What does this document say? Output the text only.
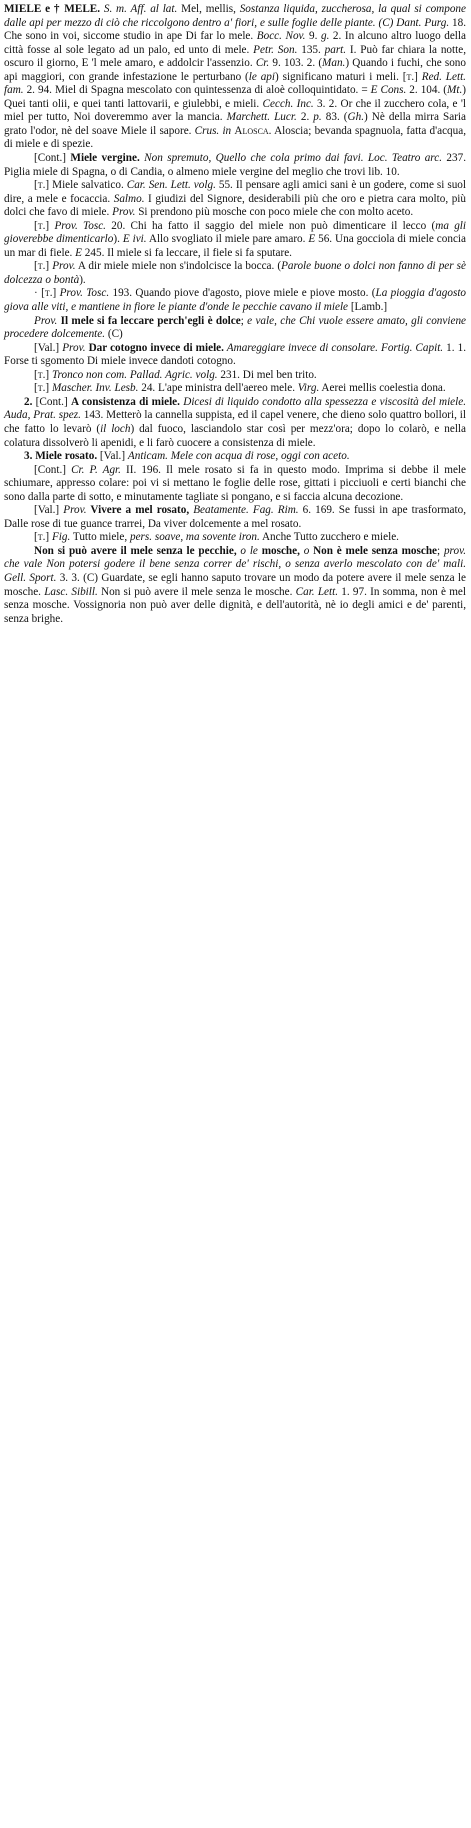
MIELE e † MELE. S. m. Aff. al lat. Mel, mellis, Sostanza liquida, zuccherosa, la qual si compone dalle api per mezzo di ciò che riccolgono dentro a' fiori, e sulle foglie delle piante. (C) Dant. Purg. 18. Che sono in voi, siccome studio in ape Di far lo mele. Bocc. Nov. 9. g. 2. In alcuno altro luogo della città fosse al sole legato ad un palo, ed unto di mele. Petr. Son. 135. part. I. Può far chiara la notte, oscuro il giorno, E 'l mele amaro, e addolcir l'assenzio. Cr. 9. 103. 2. (Man.) Quando i fuchi, che sono api maggiori, con grande infestazione le perturbano (le api) significano maturi i meli. [t.] Red. Lett. fam. 2. 94. Miel di Spagna mescolato con quintessenza di aloè colloquintidato. = E Cons. 2. 104. (Mt.) Quei tanti olii, e quei tanti lattovarii, e giulebbi, e mieli. Cecch. Inc. 3. 2. Or che il zucchero cola, e 'l miel per tutto, Noi doveremmo aver la mancia. Marchett. Lucr. 2. p. 83. (Gh.) Nè della mirra Saria grato l'odor, nè del soave Miele il sapore. Crus. in Alosca. Aloscia; bevanda spagnuola, fatta d'acqua, di miele e di spezie.

[Cont.] Miele vergine. Non spremuto, Quello che cola primo dai favi. Loc. Teatro arc. 237. Piglia miele di Spagna, o di Candia, o almeno miele vergine del meglio che trovi lib. 10.

[t.] Miele salvatico. Car. Sen. Lett. volg. 55. Il pensare agli amici sani è un godere, come si suol dire, a mele e focaccia. Salmo. I giudizi del Signore, desiderabili più che oro e pietra cara molto, più dolci che favo di miele. Prov. Si prendono più mosche con poco miele che con molto aceto.

[t.] Prov. Tosc. 20. Chi ha fatto il saggio del miele non può dimenticare il lecco (ma gli gioverebbe dimenticarlo). E ivi. Allo svogliato il miele pare amaro. E 56. Una gocciola di miele concia un mar di fiele. E 245. Il miele si fa leccare, il fiele si fa sputare.

[t.] Prov. A dir miele miele non s'indolcisce la bocca. (Parole buone o dolci non fanno di per sè dolcezza o bontà).

· [t.] Prov. Tosc. 193. Quando piove d'agosto, piove miele e piove mosto. (La pioggia d'agosto giova alle viti, e mantiene in fiore le piante d'onde le pecchie cavano il miele [Lamb.]

Prov. Il mele si fa leccare perch'egli è dolce; e vale, che Chi vuole essere amato, gli conviene procedere dolcemente. (C)

[Val.] Prov. Dar cotogno invece di miele. Amareggiare invece di consolare. Fortig. Capit. 1. 1. Forse ti sgomento Di miele invece dandoti cotogno.

[t.] Tronco non com. Pallad. Agric. volg. 231. Di mel ben trito.

[t.] Mascher. Inv. Lesb. 24. L'ape ministra dell'aereo mele. Virg. Aerei mellis coelestia dona.

2. [Cont.] A consistenza di miele. Dicesi di liquido condotto alla spessezza e viscosità del miele. Auda, Prat. spez. 143. Metterò la cannella suppista, ed il capel venere, che dieno solo quattro bollori, il che fatto lo levarò (il loch) dal fuoco, lasciandolo star così per mezz'ora; dopo lo colarò, e nella colatura dissolverò li apenidi, e li farò cuocere a consistenza di miele.

3. Miele rosato. [Val.] Anticam. Mele con acqua di rose, oggi con aceto.

[Cont.] Cr. P. Agr. II. 196. Il mele rosato si fa in questo modo. Imprima si debbe il mele schiumare, appresso colare: poi vi si mettano le foglie delle rose, gittati i picciuoli e certi bianchi che sono dalla parte di sotto, e minutamente tagliate si pongano, e si faccia alcuna decozione.

[Val.] Prov. Vivere a mel rosato, Beatamente. Fag. Rim. 6. 169. Se fussi in ape trasformato, Dalle rose di tue guance trarrei, Da viver dolcemente a mel rosato.

[t.] Fig. Tutto miele, pers. soave, ma sovente iron. Anche Tutto zucchero e miele.

Non si può avere il mele senza le pecchie, o le mosche, o Non è mele senza mosche; prov. che vale Non potersi godere il bene senza correr de' rischi, o senza averlo mescolato con de' mali. Gell. Sport. 3. 3. (C) Guardate, se egli hanno saputo trovare un modo da potere avere il mele senza le mosche. Lasc. Sibill. Non si può avere il mele senza le mosche. Car. Lett. 1. 97. In somma, non è mel senza mosche. Vossignoria non può aver delle dignità, e dell'autorità, nè io degli amici e de' parenti, senza brighe.
